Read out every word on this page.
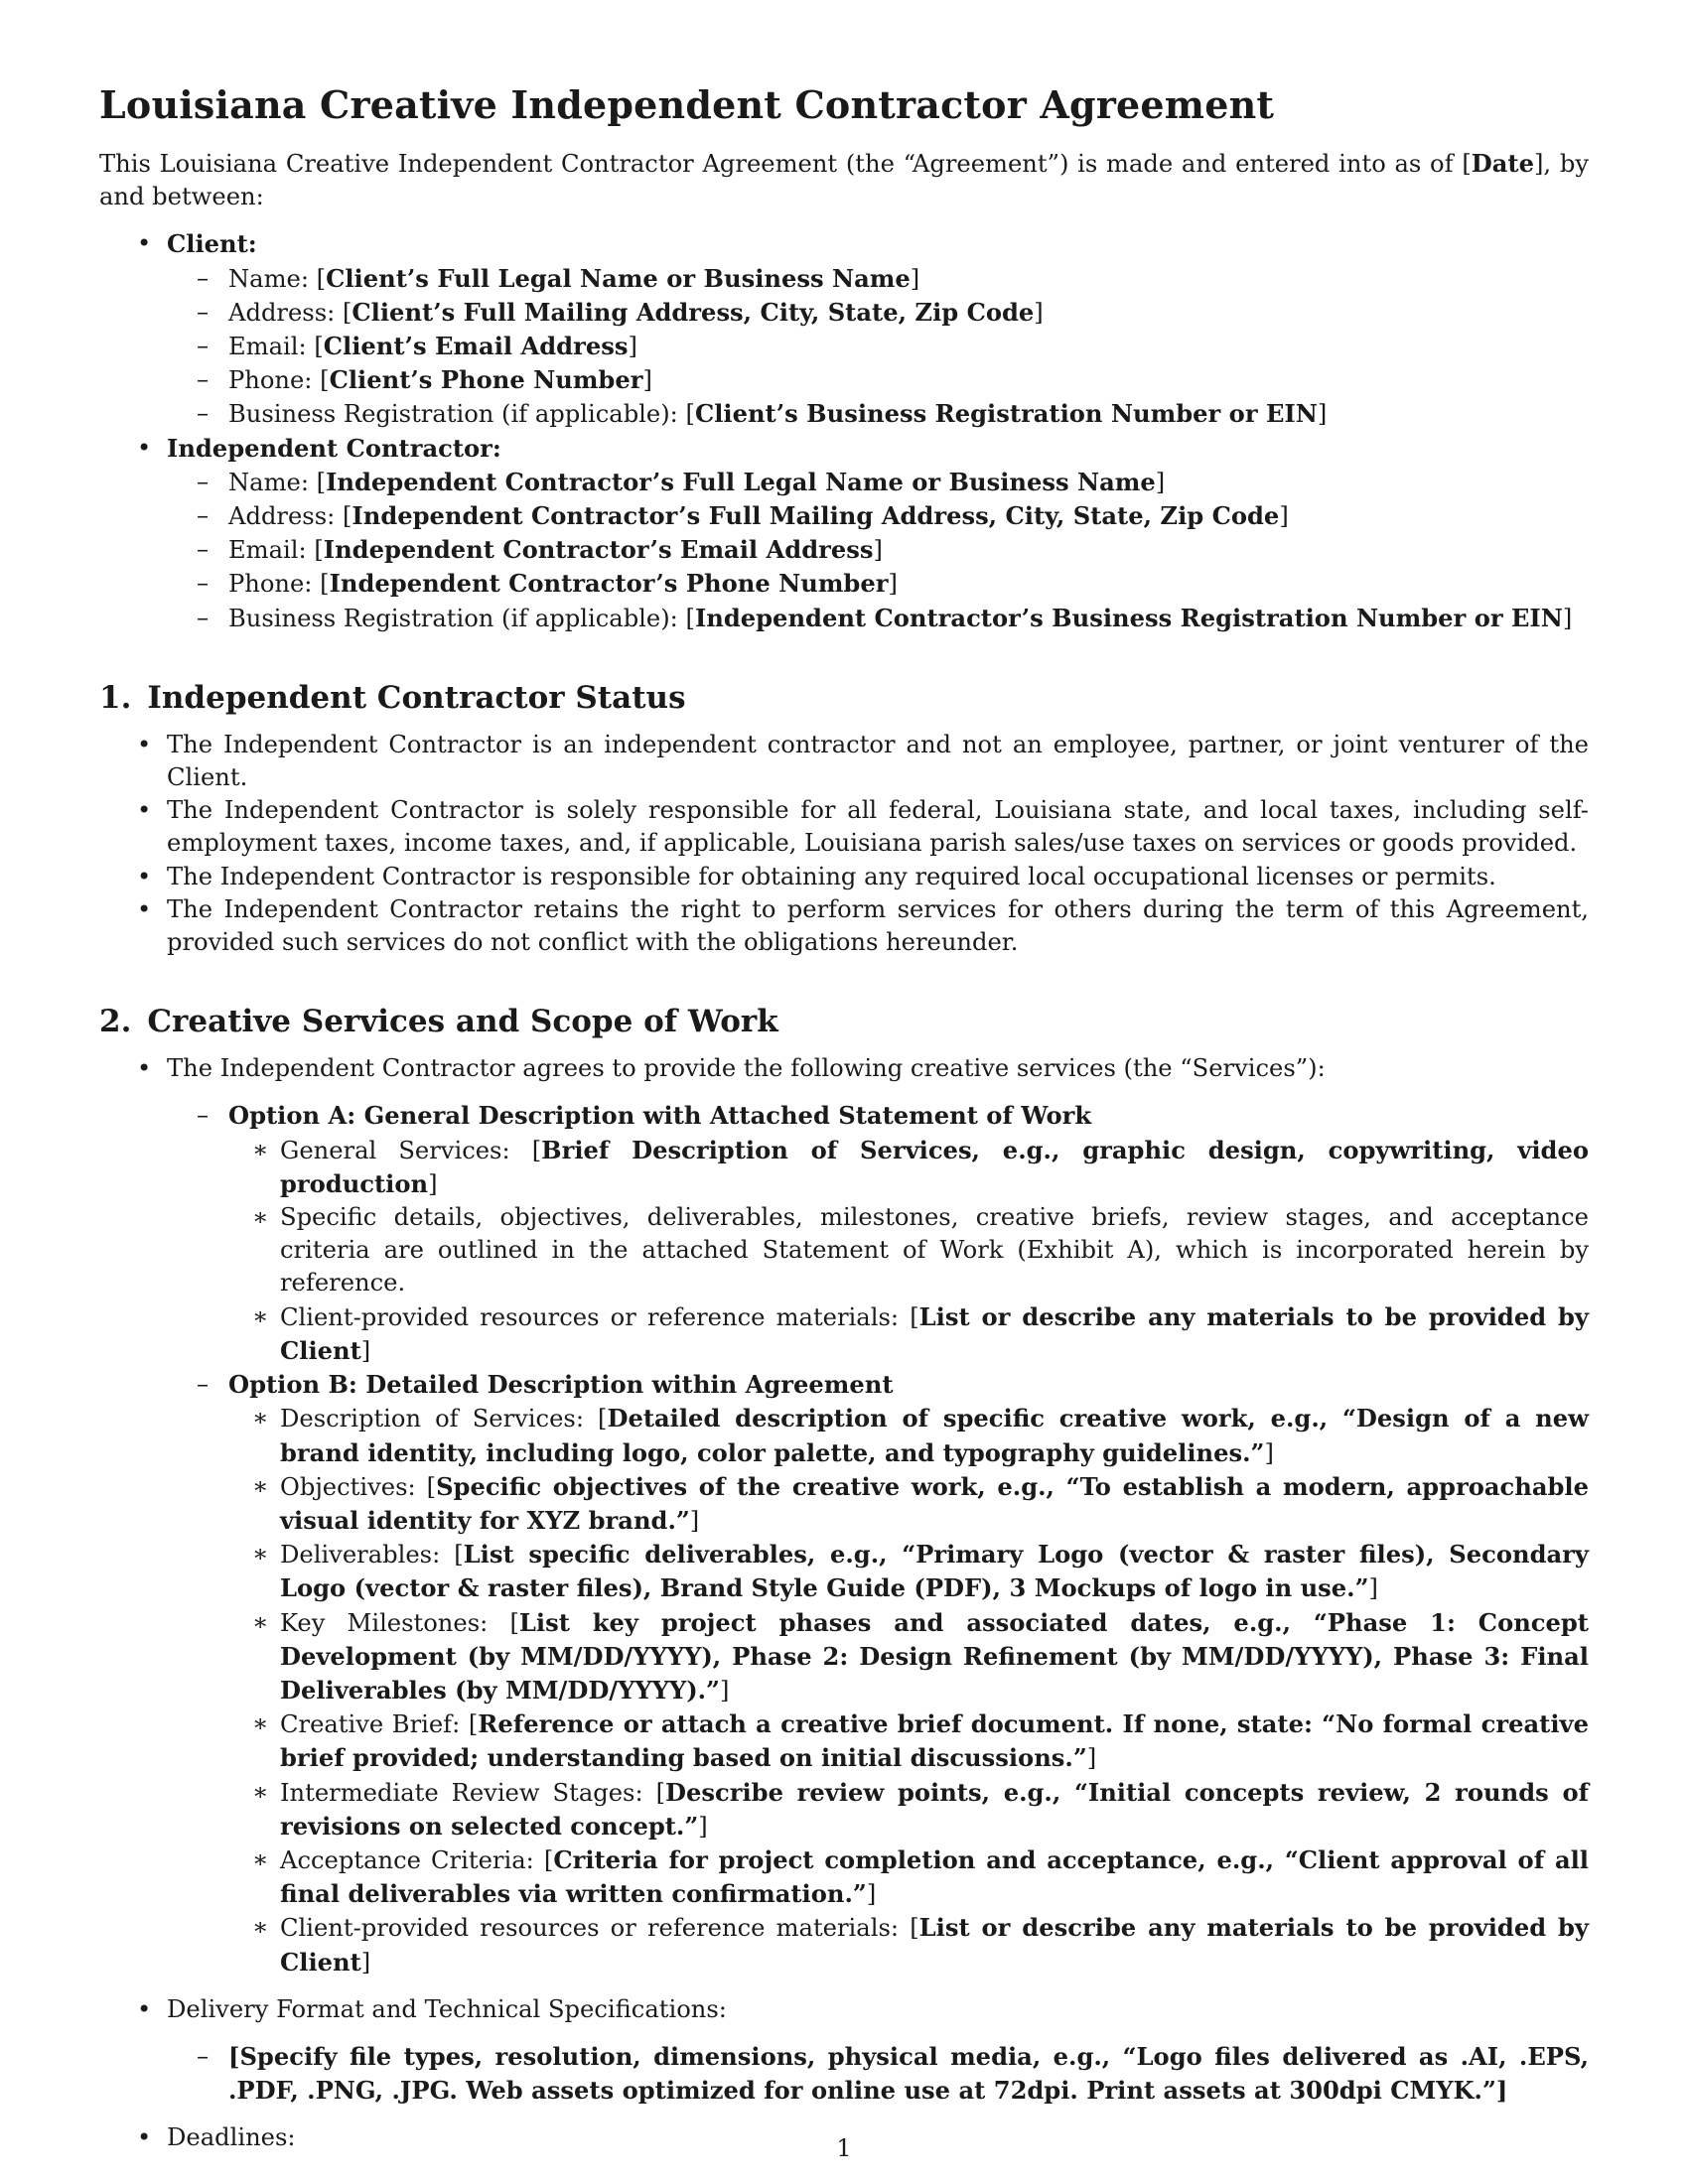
Louisiana Creative Independent Contractor Agreement

This Louisiana Creative Independent Contractor Agreement (the “Agreement”) is made and entered into as of [Date], by and between:

• Client:
– Name: [Client’s Full Legal Name or Business Name]
– Address: [Client’s Full Mailing Address, City, State, Zip Code]
– Email: [Client’s Email Address]
– Phone: [Client’s Phone Number]
– Business Registration (if applicable): [Client’s Business Registration Number or EIN]
• Independent Contractor:
– Name: [Independent Contractor’s Full Legal Name or Business Name]
– Address: [Independent Contractor’s Full Mailing Address, City, State, Zip Code]
– Email: [Independent Contractor’s Email Address]
– Phone: [Independent Contractor’s Phone Number]
– Business Registration (if applicable): [Independent Contractor’s Business Registration Number or EIN]
1. Independent Contractor Status
• The Independent Contractor is an independent contractor and not an employee, partner, or joint venturer of the Client.
• The Independent Contractor is solely responsible for all federal, Louisiana state, and local taxes, including self-employment taxes, income taxes, and, if applicable, Louisiana parish sales/use taxes on services or goods provided.
• The Independent Contractor is responsible for obtaining any required local occupational licenses or permits.
• The Independent Contractor retains the right to perform services for others during the term of this Agreement, provided such services do not conflict with the obligations hereunder.
2. Creative Services and Scope of Work
• The Independent Contractor agrees to provide the following creative services (the “Services”):
– Option A: General Description with Attached Statement of Work
∗ General Services: [Brief Description of Services, e.g., graphic design, copywriting, video production]
∗ Specific details, objectives, deliverables, milestones, creative briefs, review stages, and acceptance criteria are outlined in the attached Statement of Work (Exhibit A), which is incorporated herein by reference.
∗ Client-provided resources or reference materials: [List or describe any materials to be provided by Client]
– Option B: Detailed Description within Agreement
∗ Description of Services: [Detailed description of specific creative work, e.g., “Design of a new brand identity, including logo, color palette, and typography guidelines.”]
∗ Objectives: [Specific objectives of the creative work, e.g., “To establish a modern, approachable visual identity for XYZ brand.”]
∗ Deliverables: [List specific deliverables, e.g., “Primary Logo (vector & raster files), Secondary Logo (vector & raster files), Brand Style Guide (PDF), 3 Mockups of logo in use.”]
∗ Key Milestones: [List key project phases and associated dates, e.g., “Phase 1: Concept Development (by MM/DD/YYYY), Phase 2: Design Refinement (by MM/DD/YYYY), Phase 3: Final Deliverables (by MM/DD/YYYY).”]
∗ Creative Brief: [Reference or attach a creative brief document. If none, state: “No formal creative brief provided; understanding based on initial discussions.”]
∗ Intermediate Review Stages: [Describe review points, e.g., “Initial concepts review, 2 rounds of revisions on selected concept.”]
∗ Acceptance Criteria: [Criteria for project completion and acceptance, e.g., “Client approval of all final deliverables via written confirmation.”]
∗ Client-provided resources or reference materials: [List or describe any materials to be provided by Client]
• Delivery Format and Technical Specifications:
– [Specify file types, resolution, dimensions, physical media, e.g., “Logo files delivered as .AI, .EPS, .PDF, .PNG, .JPG. Web assets optimized for online use at 72dpi. Print assets at 300dpi CMYK.”]
• Deadlines:	1
